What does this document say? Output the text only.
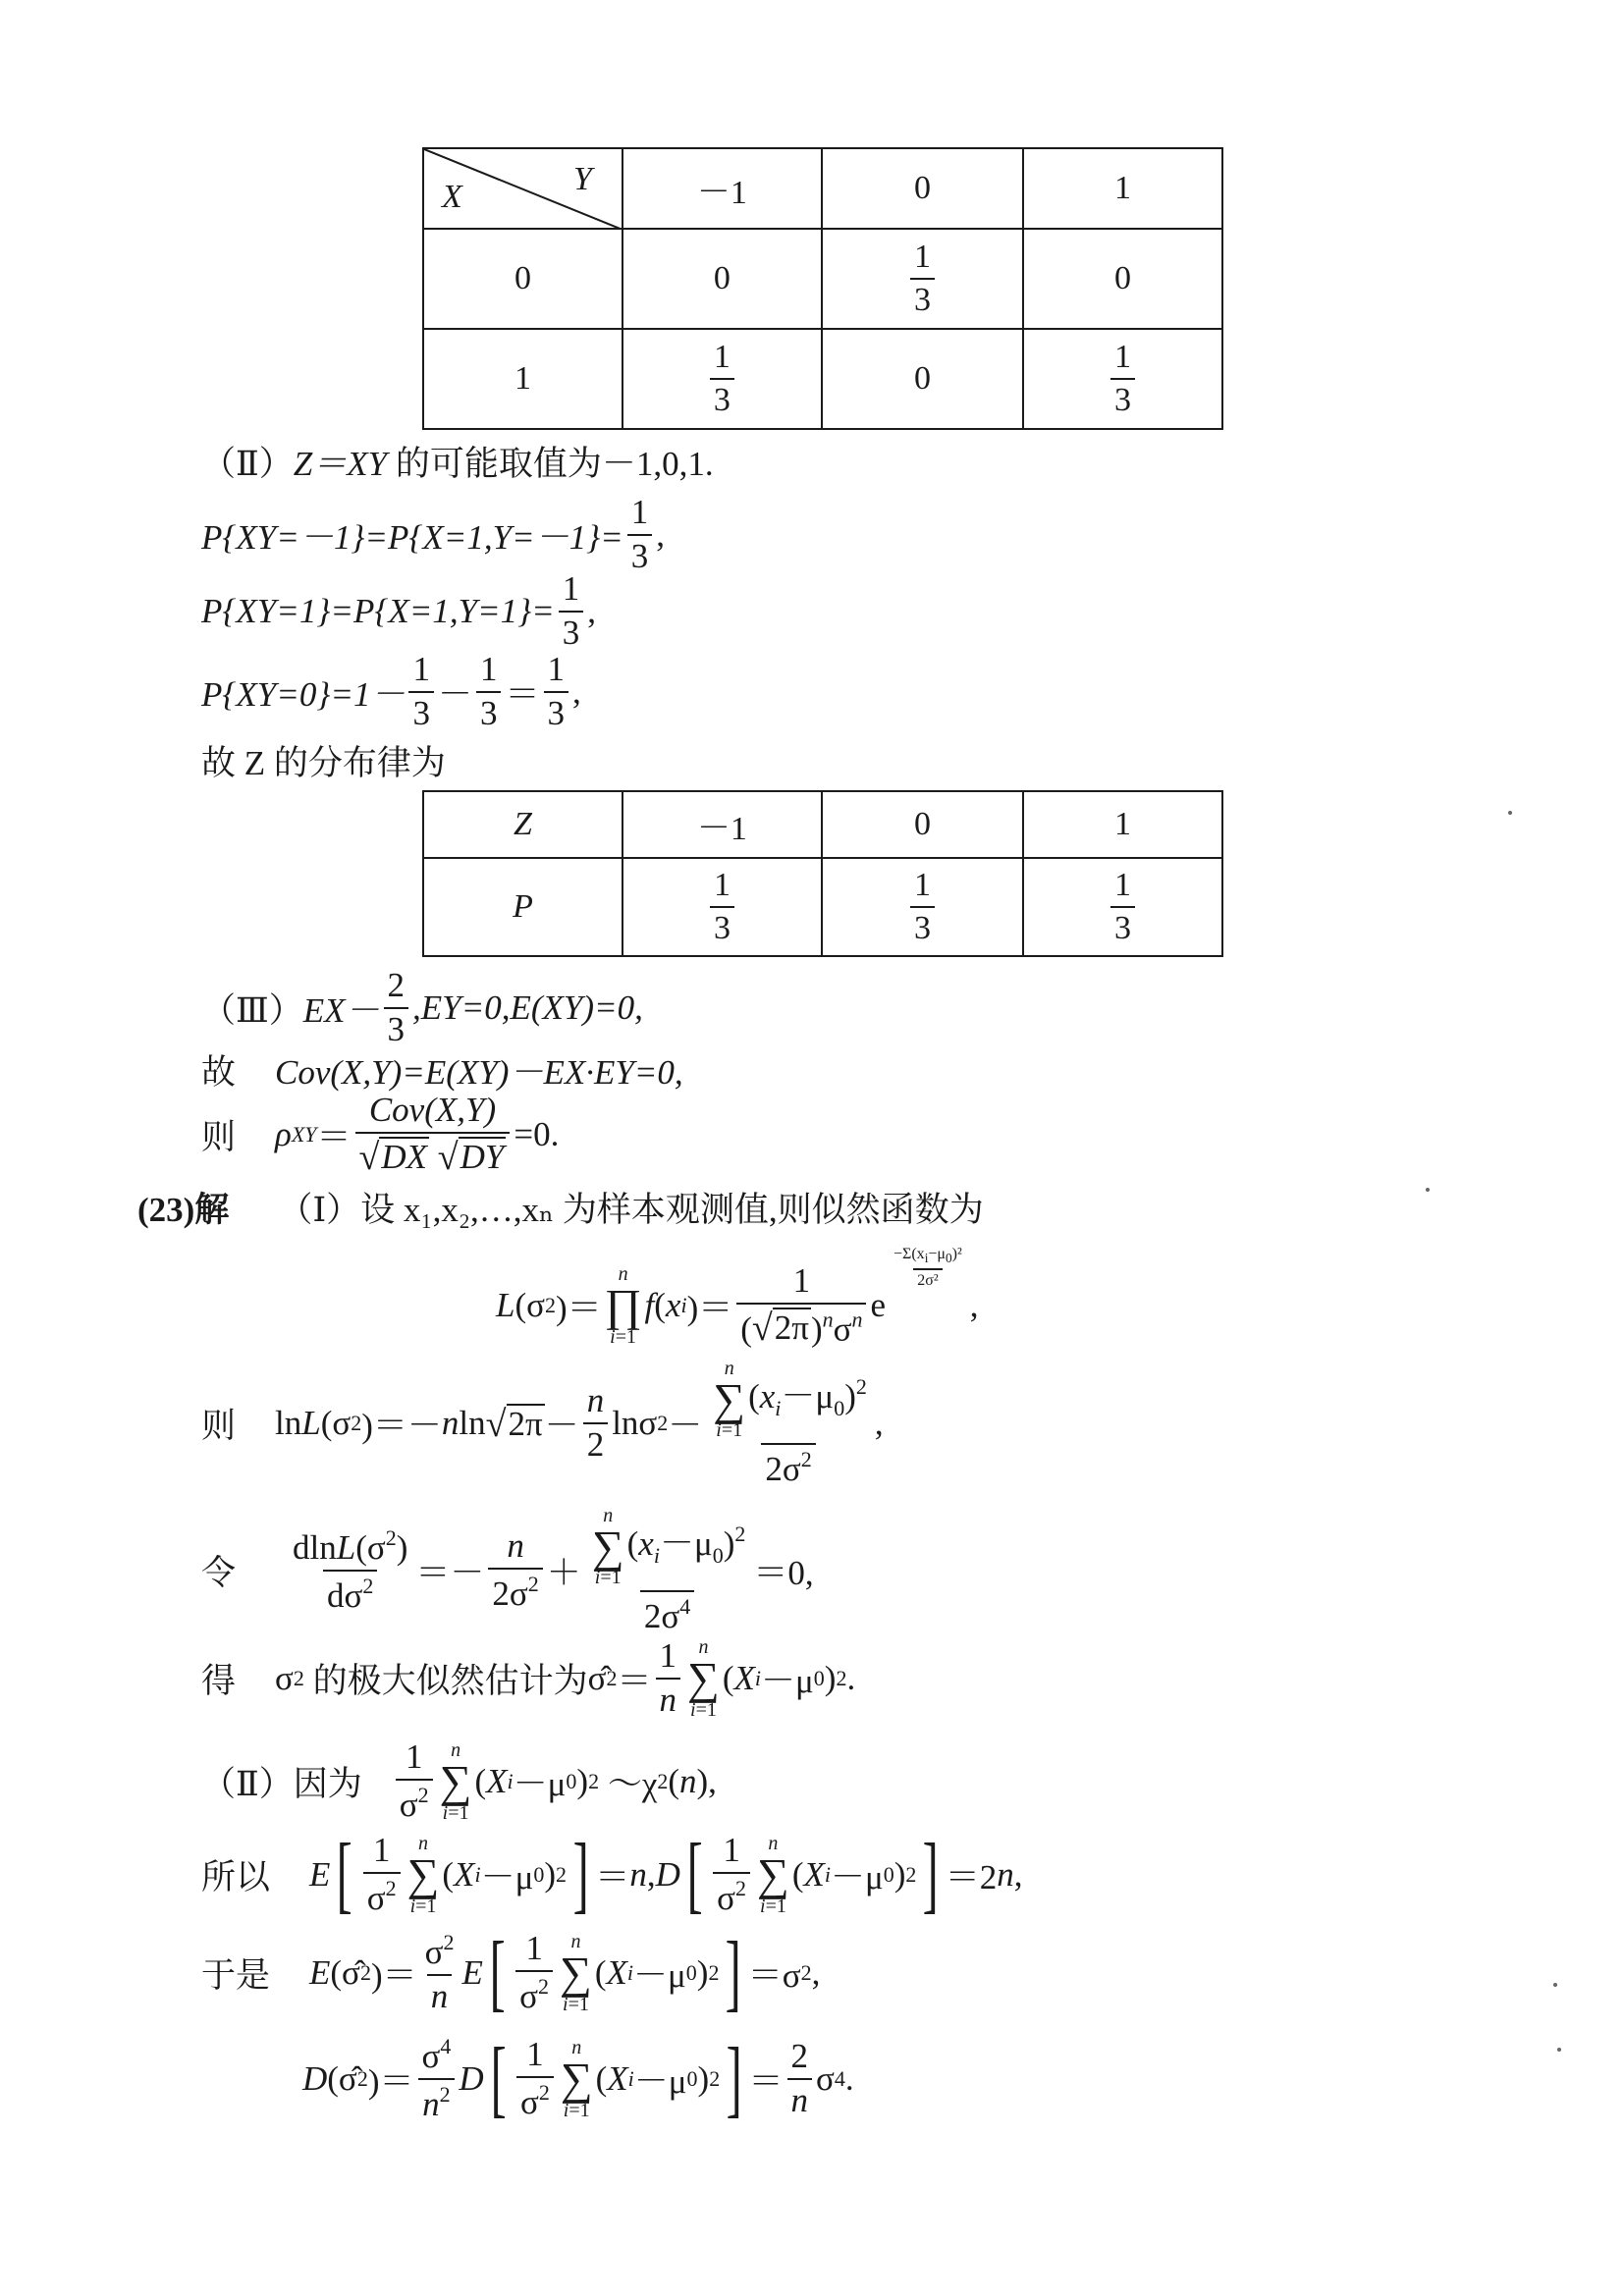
Y
X	－1	0	1
0	0	$\frac{1}{3}$	0
1	$\frac{1}{3}$	0	$\frac{1}{3}$
（Ⅱ） Z＝XY 的可能取值为－1,0,1.
$P\{XY=-1\}=P\{X=1,Y=-1\}= \frac{1}{3}$ ,
$P\{XY=1\}=P\{X=1,Y=1\}= \frac{1}{3}$ ,
$P\{XY=0\}=1- \frac{1}{3} - \frac{1}{3} = \frac{1}{3}$ ,
故 Z 的分布律为
Z	－1	0	1
P	$\frac{1}{3}$	$\frac{1}{3}$	$\frac{1}{3}$
（Ⅲ） $EX- \frac{2}{3} ,EY=0,E(XY)=0$,
故 Cov(X,Y)=E(XY)－EX·EY=0,
则 ρ XY ＝ Cov(X,Y)
√ DX
√ DY =0.
(23)解 （Ⅰ） 设 x₁,x₂,…,xₙ 为样本观测值,则似然函数为
L (σ 2 )＝
n
∏
i=1
f ( x i )＝ $\frac{1}{( √ 2\pi )^n\sigma^n}$ e
$\frac{-\Sigma(x_i-\mu_0)^2}{\text{2σ²}}$
,
则 ln L (σ 2 )＝－ n ln √ $2\pi - \frac{n}{2}$ lnσ 2 － n
∑
i=1
$(x_i-\mu_0)^2$
$2\sigma^2$ ,
令 $\frac{dlnL(\sigma^2)}{d\sigma^2} =- \frac{n}{2\sigma^2} + n$
∑
i=1
$(x_i-\mu_0)^2$
$2\sigma^4 =0$,
得 σ 2
的极大似然估计为 σ̂ $2 = \frac{1}{n}$ n
∑
i=1
( X i －μ 0 ) 2 .
（Ⅱ）因为 $\frac{1}{\sigma^2}$ n
∑
i=1
( X i －μ 0 ) 2 ～χ 2 ( n ),
所以 E [ $\frac{1}{\sigma^2}$ n
∑
i=1
( X i －μ 0 ) 2 ] ＝ n , D [ $\frac{1}{\sigma^2}$ n
∑
i=1
( X i －μ 0 ) 2 ] ＝2 n ,
于是 E (σ̂ 2 )＝ $\frac{\sigma^2}{n}$ E [ $\frac{1}{\sigma^2}$ n
∑
i=1
( X i －μ 0 ) 2 ] ＝σ 2 ,
D (σ̂ 2 )＝ $\frac{\sigma^4}{n^2}$ D [ $\frac{1}{\sigma^2}$ n
∑
i=1
( X i －μ 0 ) 2 ] ＝ $\frac{2}{n}$ σ 4 .
